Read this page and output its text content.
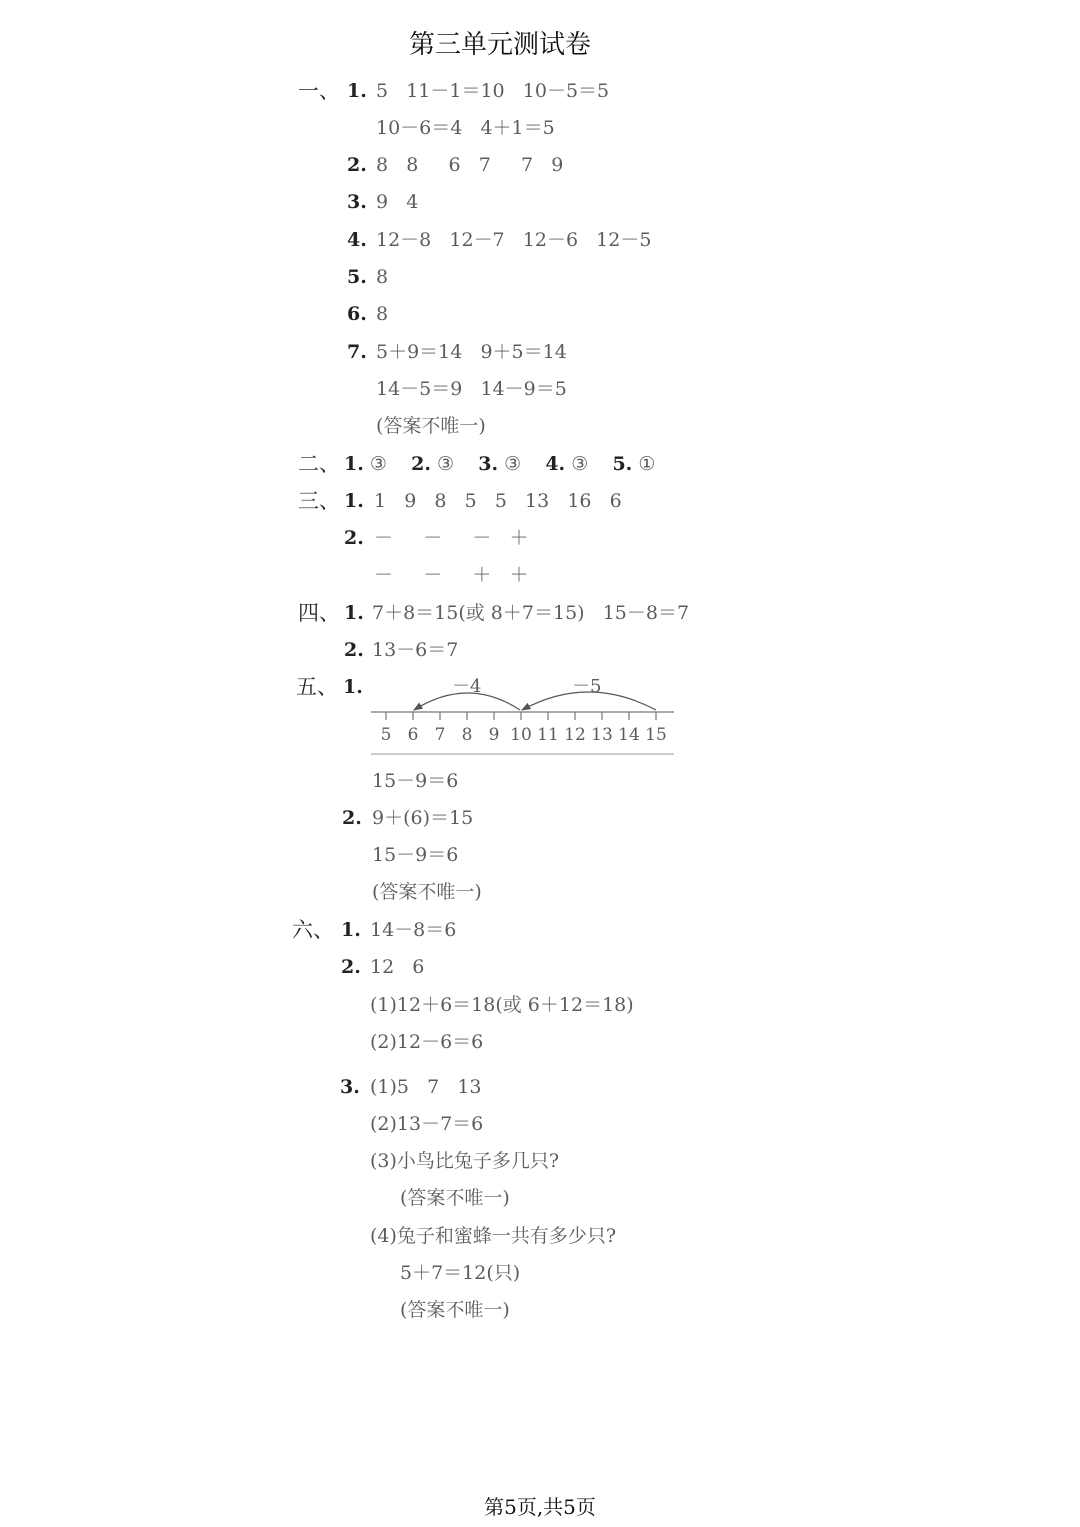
第三单元测试卷
一、 1. 5   11－1＝10   10－5＝5
10－6＝4   4＋1＝5
2. 8   8     6   7     7   9
3. 9   4
4. 12－8   12－7   12－6   12－5
5. 8
6. 8
7. 5＋9＝14   9＋5＝14
14－5＝9   14－9＝5
(答案不唯一)
二、 1. ③ 2. ③ 3. ③ 4. ③ 5. ①
三、 1. 1   9   8   5   5   13   16   6
2. －     －     －   ＋
－     －     ＋   ＋
四、 1. 7＋8＝15(或 8＋7＝15)   15－8＝7
2. 13－6＝7
五、 1.	－4	－5
5 6 7 8 9 10 11 12 13 14 15
15－9＝6
2. 9＋(6)＝15
15－9＝6
(答案不唯一)
六、 1. 14－8＝6
2. 12   6
(1)12＋6＝18(或 6＋12＝18)
(2)12－6＝6
3. (1)5   7   13
(2)13－7＝6
(3)小鸟比兔子多几只?
(答案不唯一)
(4)兔子和蜜蜂一共有多少只?
5＋7＝12(只)
(答案不唯一)
第5页,共5页
